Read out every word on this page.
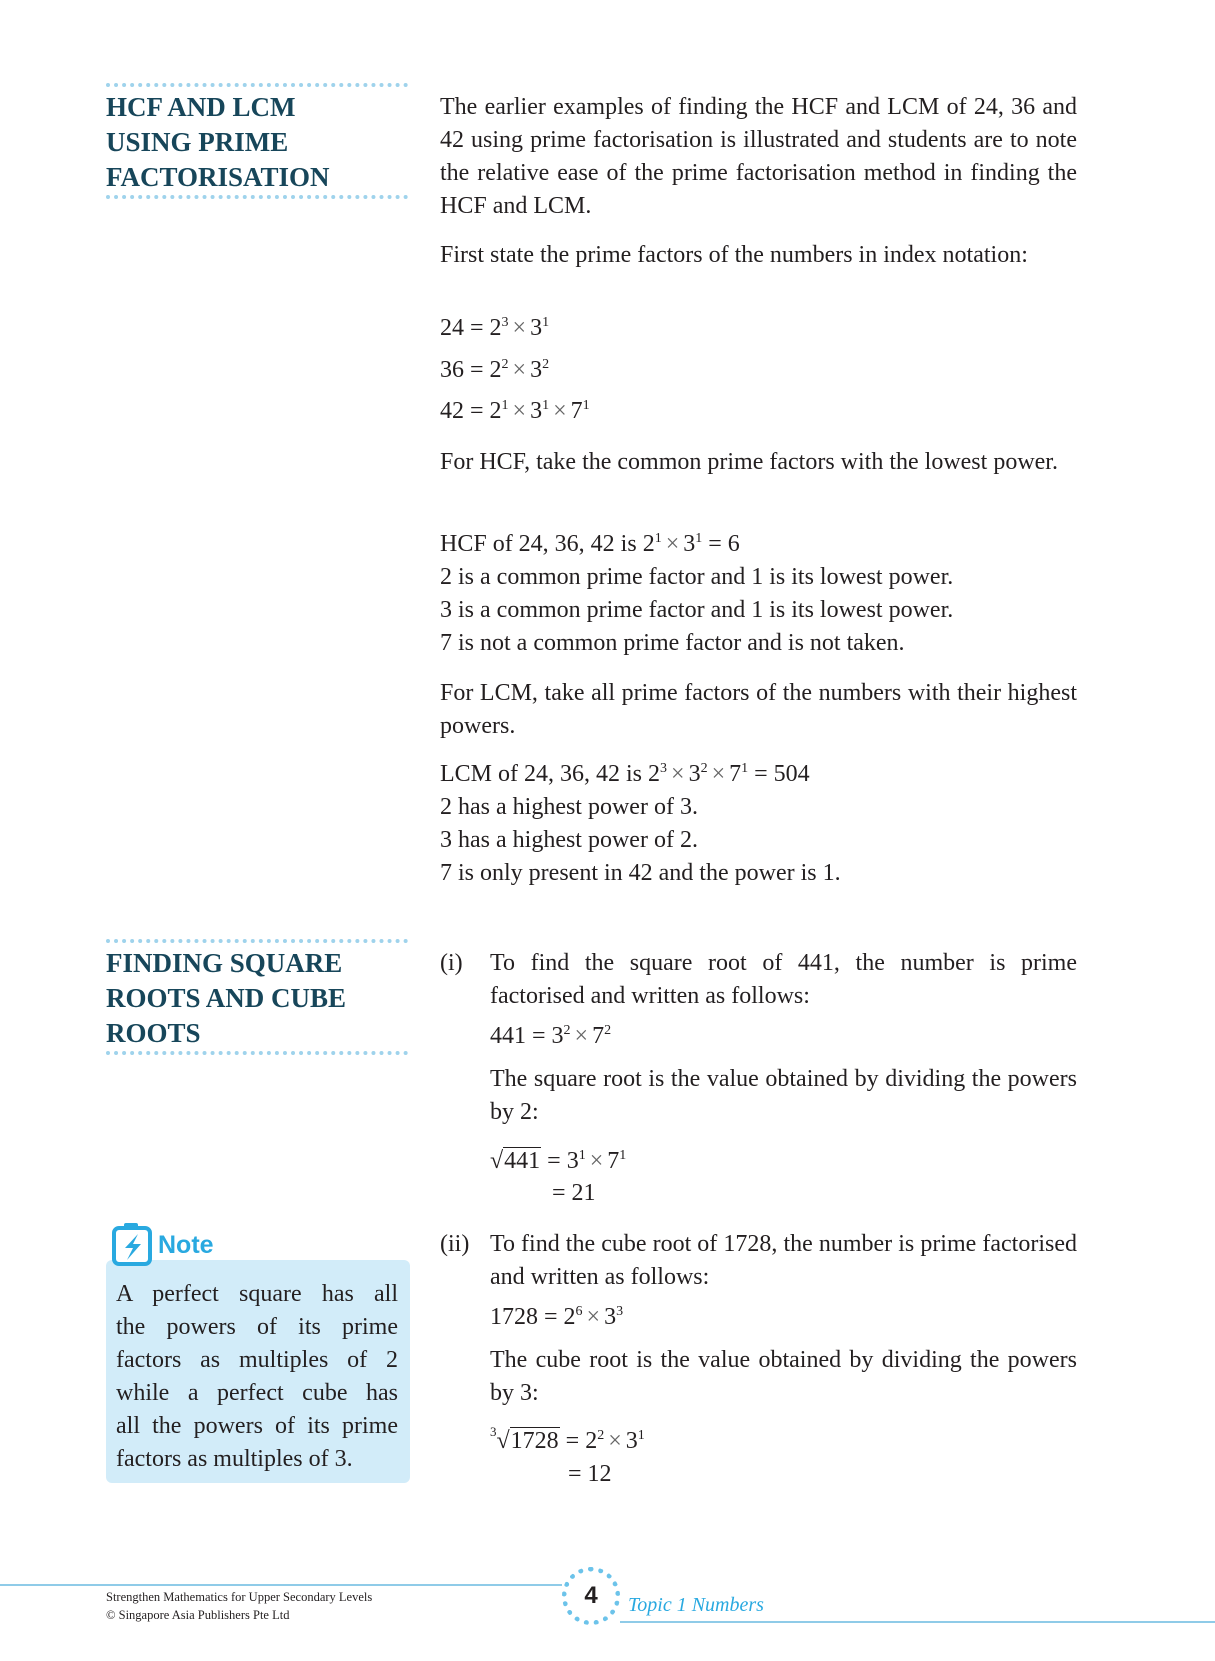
HCF AND LCM
USING PRIME
FACTORISATION
The earlier examples of finding the HCF and LCM of 24, 36 and 42 using prime factorisation is illustrated and students are to note the relative ease of the prime factorisation method in finding the HCF and LCM.
First state the prime factors of the numbers in index notation:
$24 = 2^3 \times 3^1$
$36 = 2^2 \times 3^2$
$42 = 2^1 \times 3^1 \times 7^1$
For HCF, take the common prime factors with the lowest power.
HCF of 24, 36, 42 is $2^1 \times 3^1 = 6$
2 is a common prime factor and 1 is its lowest power.
3 is a common prime factor and 1 is its lowest power.
7 is not a common prime factor and is not taken.
For LCM, take all prime factors of the numbers with their highest powers.
LCM of 24, 36, 42 is $2^3 \times 3^2 \times 7^1 = 504$
2 has a highest power of 3.
3 has a highest power of 2.
7 is only present in 42 and the power is 1.
FINDING SQUARE
ROOTS AND CUBE
ROOTS
(i) To find the square root of 441, the number is prime factorised and written as follows:
$441 = 3^2 \times 7^2$
The square root is the value obtained by dividing the powers by 2:
$√441 = 3^1 \times 7^1$
= 21
(ii) To find the cube root of 1728, the number is prime factorised and written as follows:
$1728 = 2^6 \times 3^3$
The cube root is the value obtained by dividing the powers by 3:
$^3√1728 = 2^2 \times 3^1$
= 12
Note
A perfect square has all
the powers of its prime
factors as multiples of 2
while a perfect cube has
all the powers of its prime
factors as multiples of 3.
Strengthen Mathematics for Upper Secondary Levels
© Singapore Asia Publishers Pte Ltd
4	Topic 1 Numbers
